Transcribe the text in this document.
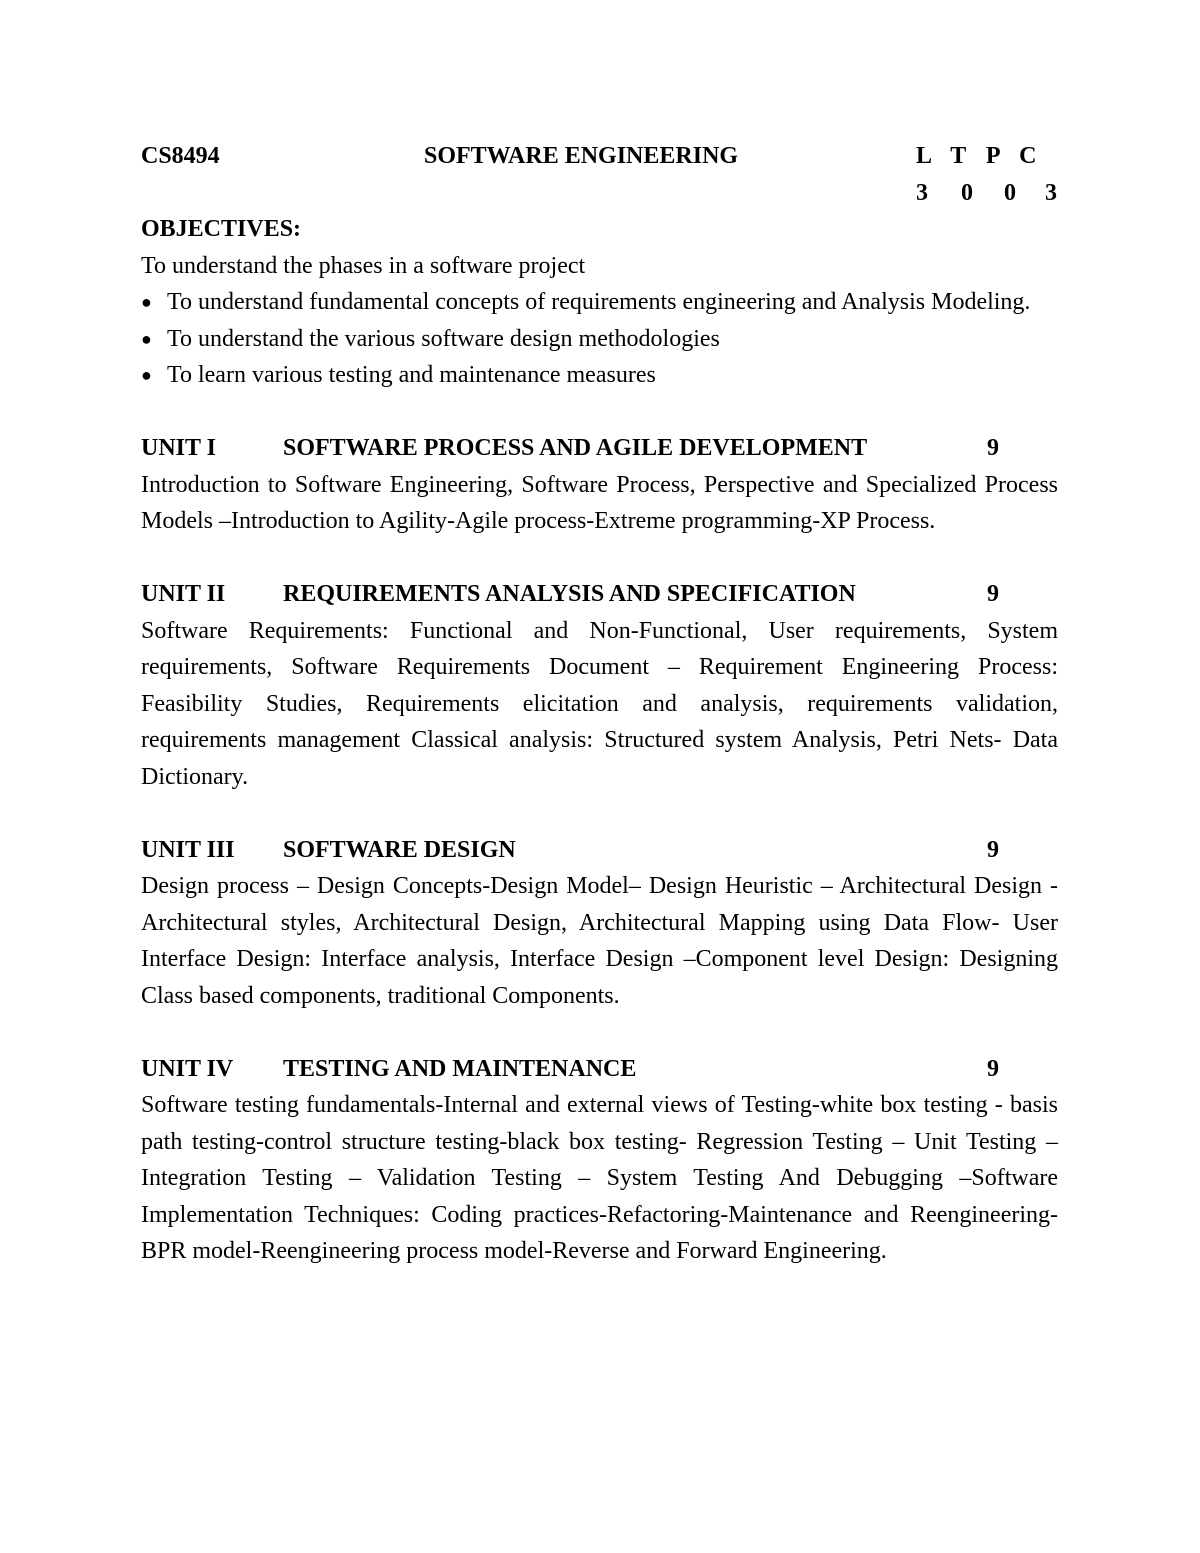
CS8494	SOFTWARE ENGINEERING	L T P C
3 0 0 3
OBJECTIVES:
To understand the phases in a software project
● To understand fundamental concepts of requirements engineering and Analysis Modeling.
● To understand the various software design methodologies
● To learn various testing and maintenance measures
UNIT I	SOFTWARE PROCESS AND AGILE DEVELOPMENT	9
Introduction to Software Engineering, Software Process, Perspective and Specialized Process Models –Introduction to Agility-Agile process-Extreme programming-XP Process.
UNIT II REQUIREMENTS ANALYSIS AND SPECIFICATION	9
Software Requirements: Functional and Non-Functional, User requirements, System requirements, Software Requirements Document – Requirement Engineering Process: Feasibility Studies, Requirements elicitation and analysis, requirements validation, requirements management Classical analysis: Structured system Analysis, Petri Nets- Data Dictionary.
UNIT III SOFTWARE DESIGN	9
Design process – Design Concepts-Design Model– Design Heuristic – Architectural Design - Architectural styles, Architectural Design, Architectural Mapping using Data Flow- User Interface Design: Interface analysis, Interface Design –Component level Design: Designing Class based components, traditional Components.
UNIT IV TESTING AND MAINTENANCE	9
Software testing fundamentals-Internal and external views of Testing-white box testing - basis path testing-control structure testing-black box testing- Regression Testing – Unit Testing – Integration Testing – Validation Testing – System Testing And Debugging –Software Implementation Techniques: Coding practices-Refactoring-Maintenance and Reengineering-BPR model-Reengineering process model-Reverse and Forward Engineering.
